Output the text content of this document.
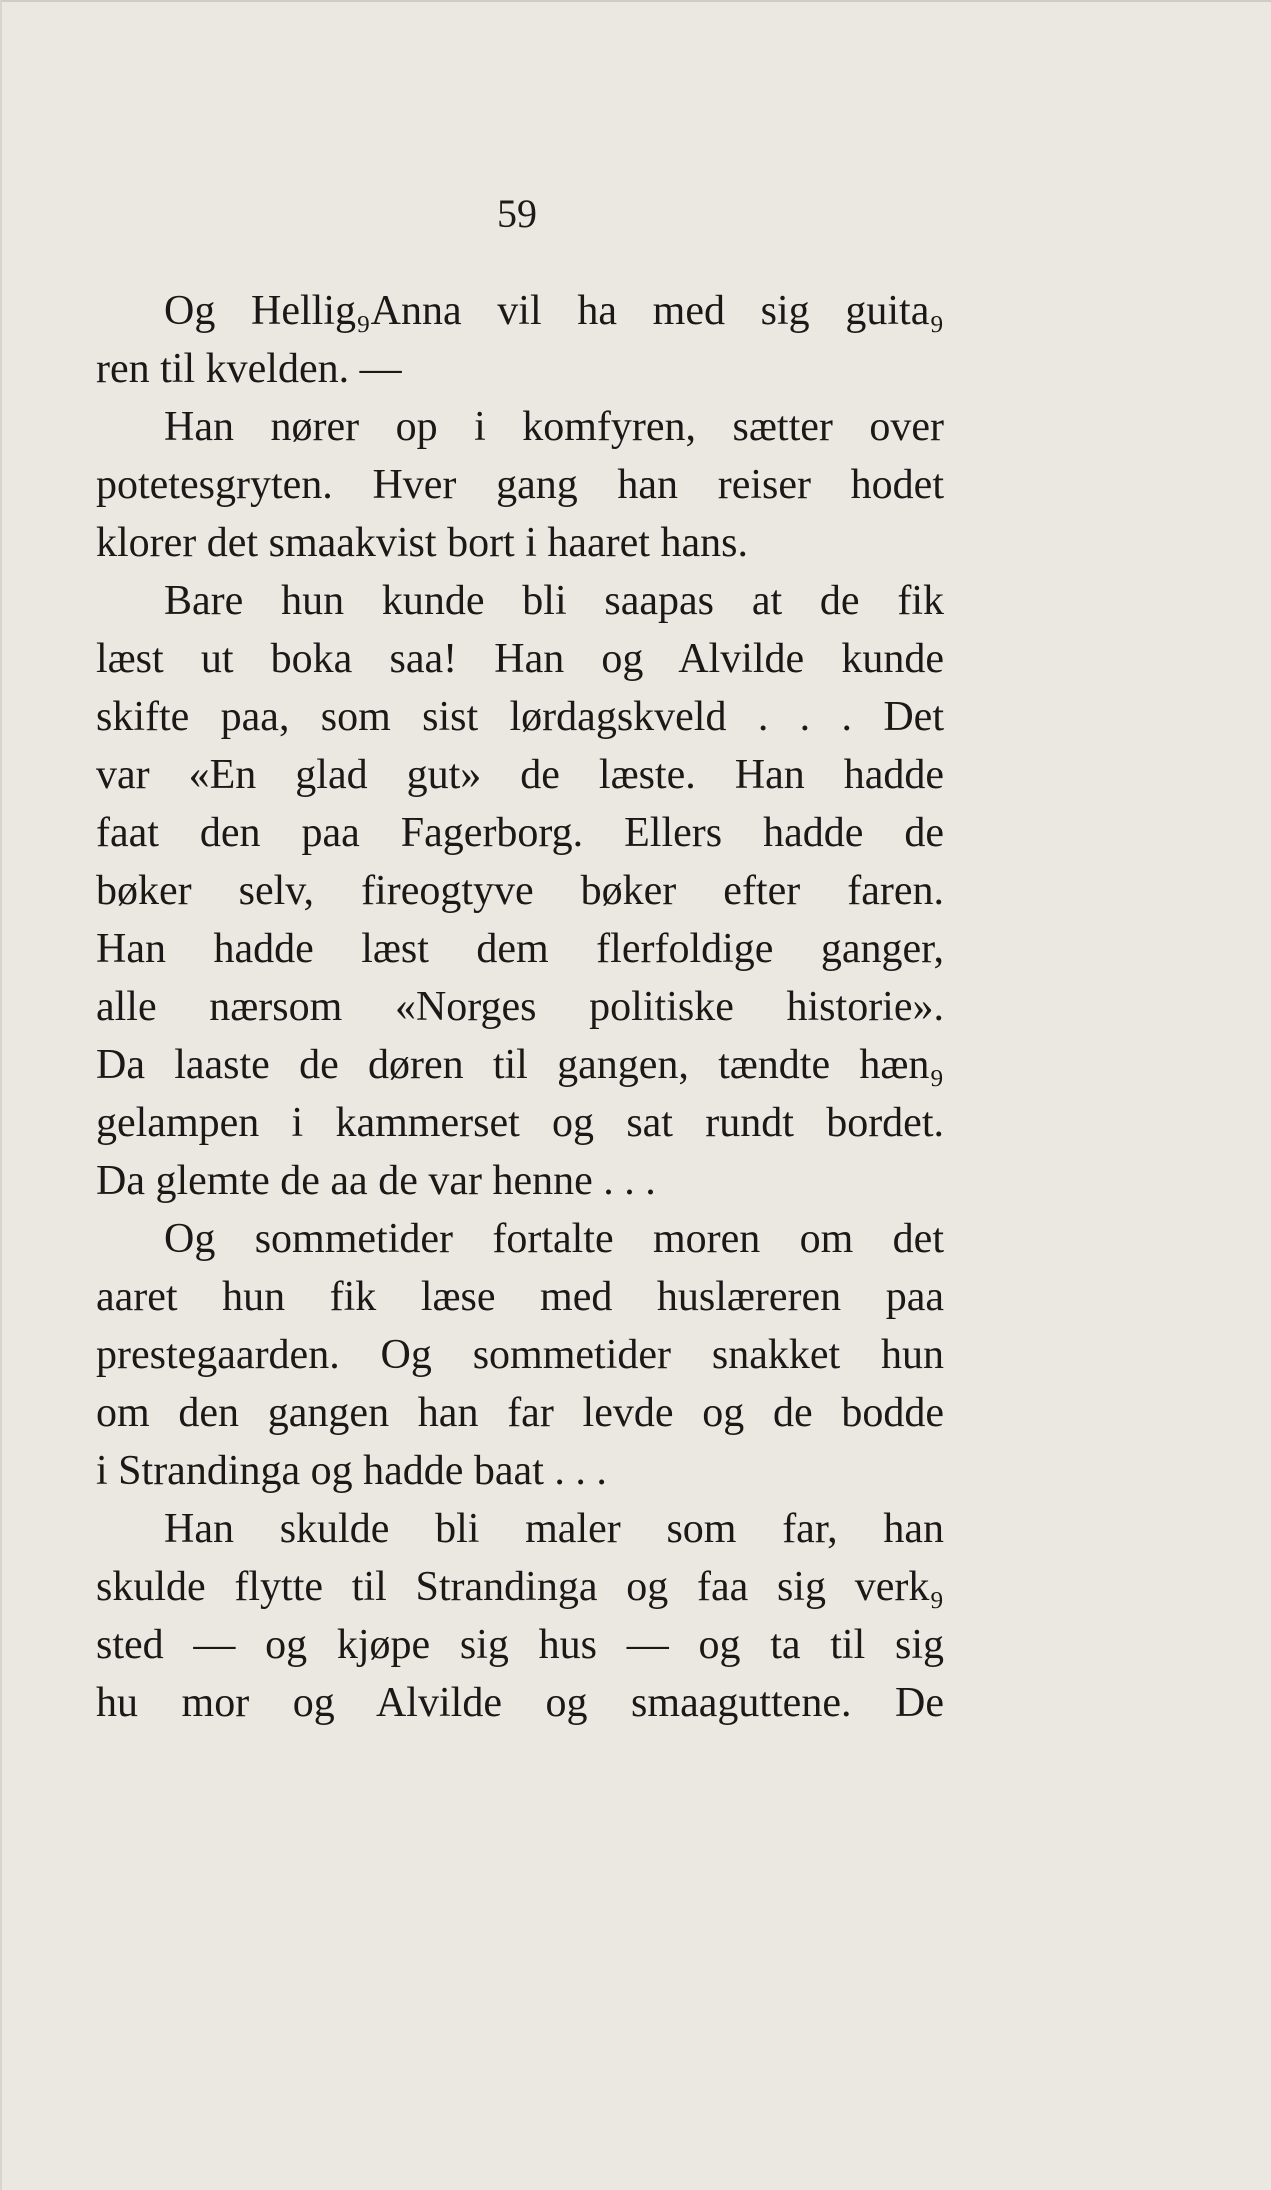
59
Og Hellig₉Anna vil ha med sig guita₉
ren til kvelden. —
Han nører op i komfyren, sætter over
potetesgryten. Hver gang han reiser hodet
klorer det smaakvist bort i haaret hans.
Bare hun kunde bli saapas at de fik
læst ut boka saa! Han og Alvilde kunde
skifte paa, som sist lørdagskveld . . . Det
var «En glad gut» de læste. Han hadde
faat den paa Fagerborg. Ellers hadde de
bøker selv, fireogtyve bøker efter faren.
Han hadde læst dem flerfoldige ganger,
alle nærsom «Norges politiske historie».
Da laaste de døren til gangen, tændte hæn₉
gelampen i kammerset og sat rundt bordet.
Da glemte de aa de var henne . . .
Og sommetider fortalte moren om det
aaret hun fik læse med huslæreren paa
prestegaarden. Og sommetider snakket hun
om den gangen han far levde og de bodde
i Strandinga og hadde baat . . .
Han skulde bli maler som far, han
skulde flytte til Strandinga og faa sig verk₉
sted — og kjøpe sig hus — og ta til sig
hu mor og Alvilde og smaaguttene. De
